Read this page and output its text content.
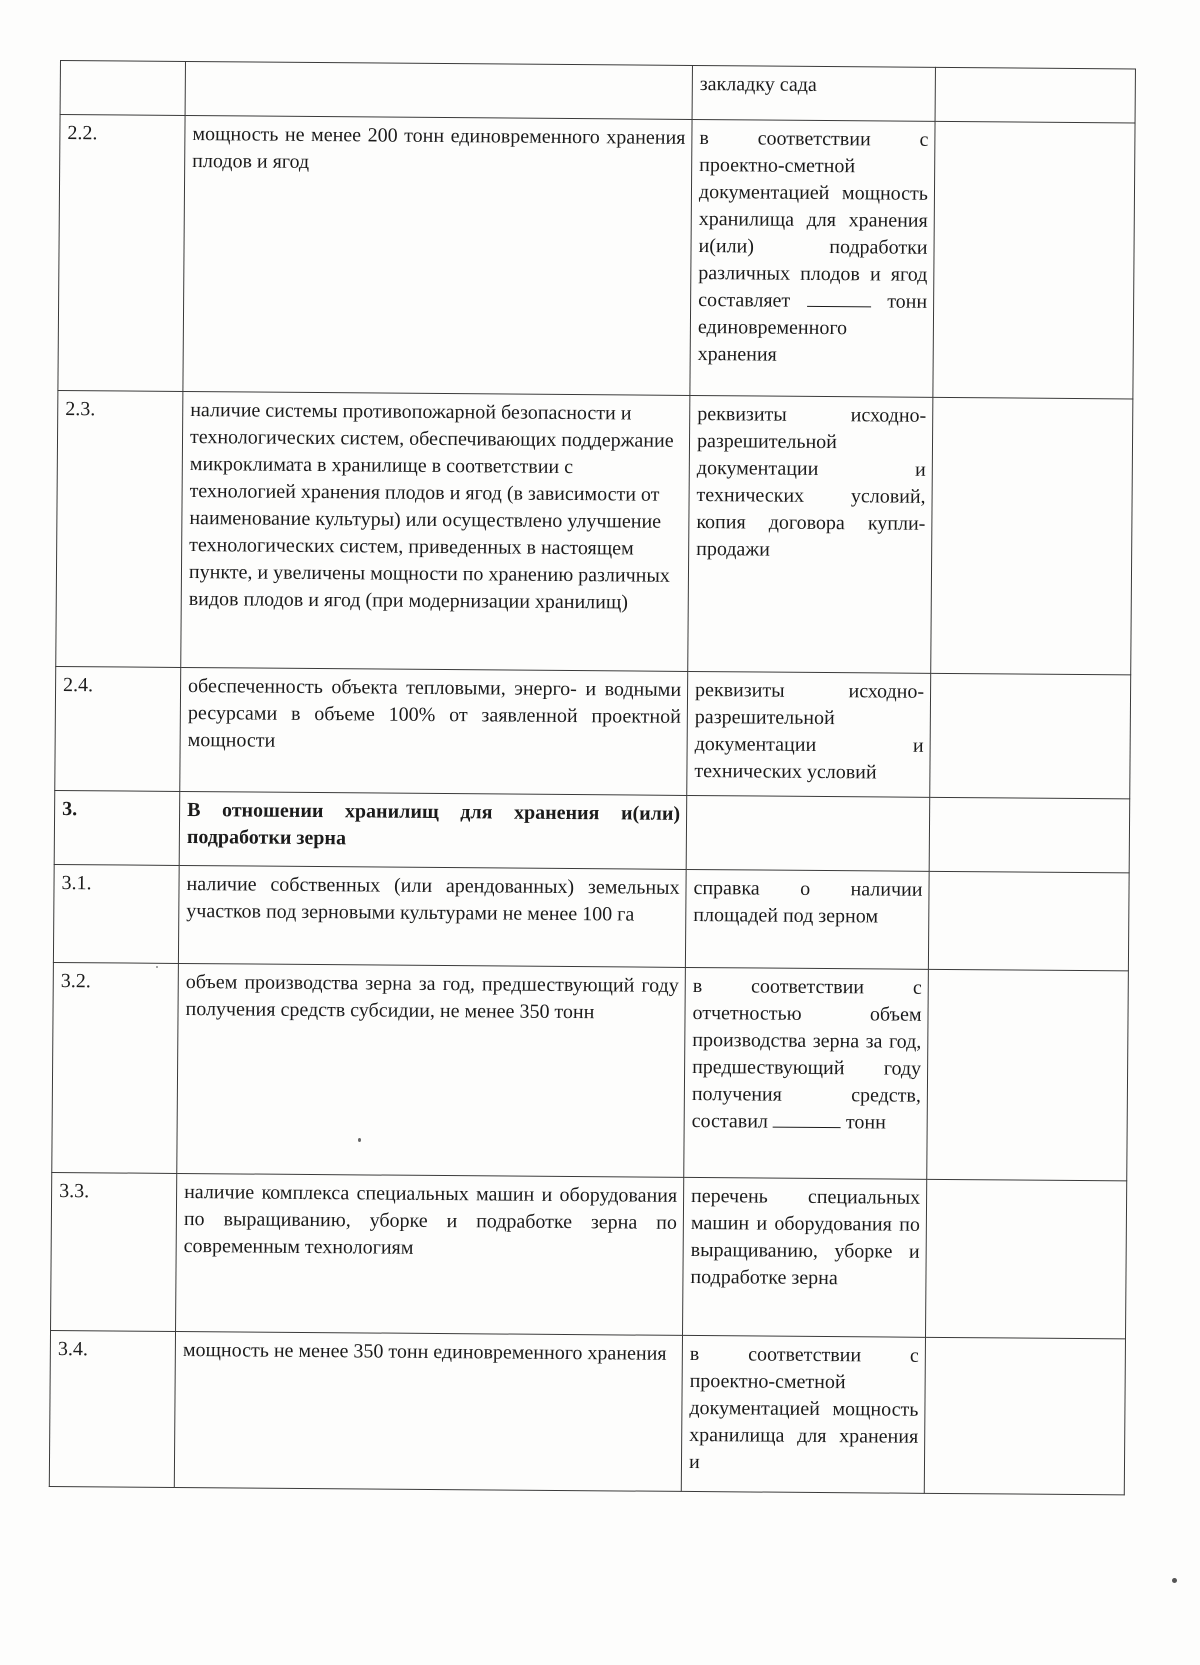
		закладку сада	
2.2.	мощность не менее 200 тонн единовременного хранения плодов и ягод	в соответствии с проектно-сметной документацией мощность хранилища для хранения и(или) подработки различных плодов и ягод составляет тонн единовременного хранения	
2.3.	наличие системы противопожарной безопасности и технологических систем, обеспечивающих поддержание микроклимата в хранилище в соответствии с технологией хранения плодов и ягод (в зависимости от наименование культуры) или осуществлено улучшение технологических систем, приведенных в настоящем пункте, и увеличены мощности по хранению различных видов плодов и ягод (при модернизации хранилищ)	реквизиты исходно-разрешительной документации и технических условий, копия договора купли-продажи	
2.4.	обеспеченность объекта тепловыми, энерго- и водными ресурсами в объеме 100% от заявленной проектной мощности	реквизиты исходно-разрешительной документации и технических условий	
3.	В отношении хранилищ для хранения и(или) подработки зерна		
3.1.	наличие собственных (или арендованных) земельных участков под зерновыми культурами не менее 100 га	справка о наличии площадей под зерном	
3.2.	объем производства зерна за год, предшествующий году получения средств субсидии, не менее 350 тонн	в соответствии с отчетностью объем производства зерна за год, предшествующий году получения средств, составил тонн	
3.3.	наличие комплекса специальных машин и оборудования по выращиванию, уборке и подработке зерна по современным технологиям	перечень специальных машин и оборудования по выращиванию, уборке и подработке зерна	
3.4.	мощность не менее 350 тонн единовременного хранения	в соответствии с проектно-сметной документацией мощность хранилища для хранения и	
